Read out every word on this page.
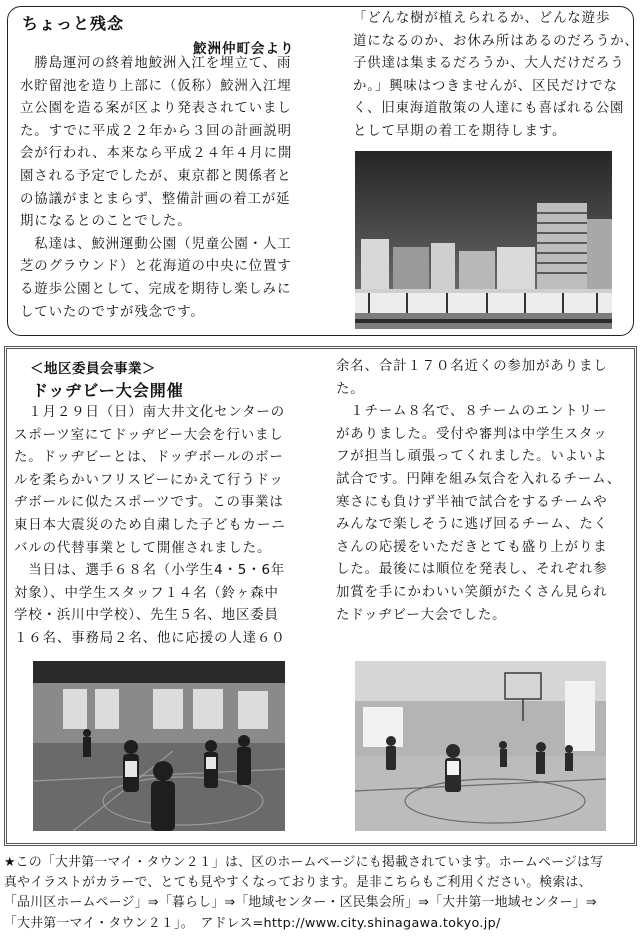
ちょっと残念
鮫洲仲町会より
　勝島運河の終着地鮫洲入江を埋立て、雨
水貯留池を造り上部に（仮称）鮫洲入江埋
立公園を造る案が区より発表されていまし
た。すでに平成２２年から３回の計画説明
会が行われ、本来なら平成２４年４月に開
園される予定でしたが、東京都と関係者と
の協議がまとまらず、整備計画の着工が延
期になるとのことでした。
　私達は、鮫洲運動公園（児童公園・人工
芝のグラウンド）と花海道の中央に位置す
る遊歩公園として、完成を期待し楽しみに
していたのですが残念です。
「どんな樹が植えられるか、どんな遊歩
道になるのか、お休み所はあるのだろうか、
子供達は集まるだろうか、大人だけだろう
か。」興味はつきませんが、区民だけでな
く、旧東海道散策の人達にも喜ばれる公園
として早期の着工を期待します。
＜地区委員会事業＞
ドッヂビー大会開催
　１月２９日（日）南大井文化センターの
スポーツ室にてドッヂビー大会を行いまし
た。ドッヂビーとは、ドッヂボールのボー
ルを柔らかいフリスビーにかえて行うドッ
ヂボールに似たスポーツです。この事業は
東日本大震災のため自粛した子どもカーニ
バルの代替事業として開催されました。
　当日は、選手６８名（小学生4・5・6年
対象）、中学生スタッフ１４名（鈴ヶ森中
学校・浜川中学校）、先生５名、地区委員
１６名、事務局２名、他に応援の人達６０
余名、合計１７０名近くの参加がありまし
た。
　１チーム８名で、８チームのエントリー
がありました。受付や審判は中学生スタッ
フが担当し頑張ってくれました。いよいよ
試合です。円陣を組み気合を入れるチーム、
寒さにも負けず半袖で試合をするチームや
みんなで楽しそうに逃げ回るチーム、たく
さんの応援をいただきとても盛り上がりま
した。最後には順位を発表し、それぞれ参
加賞を手にかわいい笑顔がたくさん見られ
たドッヂビー大会でした。
★この「大井第一マイ・タウン２１」は、区のホームページにも掲載されています。ホームページは写
真やイラストがカラーで、とても見やすくなっております。是非こちらもご利用ください。検索は、
「品川区ホームページ」⇒「暮らし」⇒「地域センター・区民集会所」⇒「大井第一地域センター」⇒
「大井第一マイ・タウン２１」。　アドレス=http://www.city.shinagawa.tokyo.jp/
